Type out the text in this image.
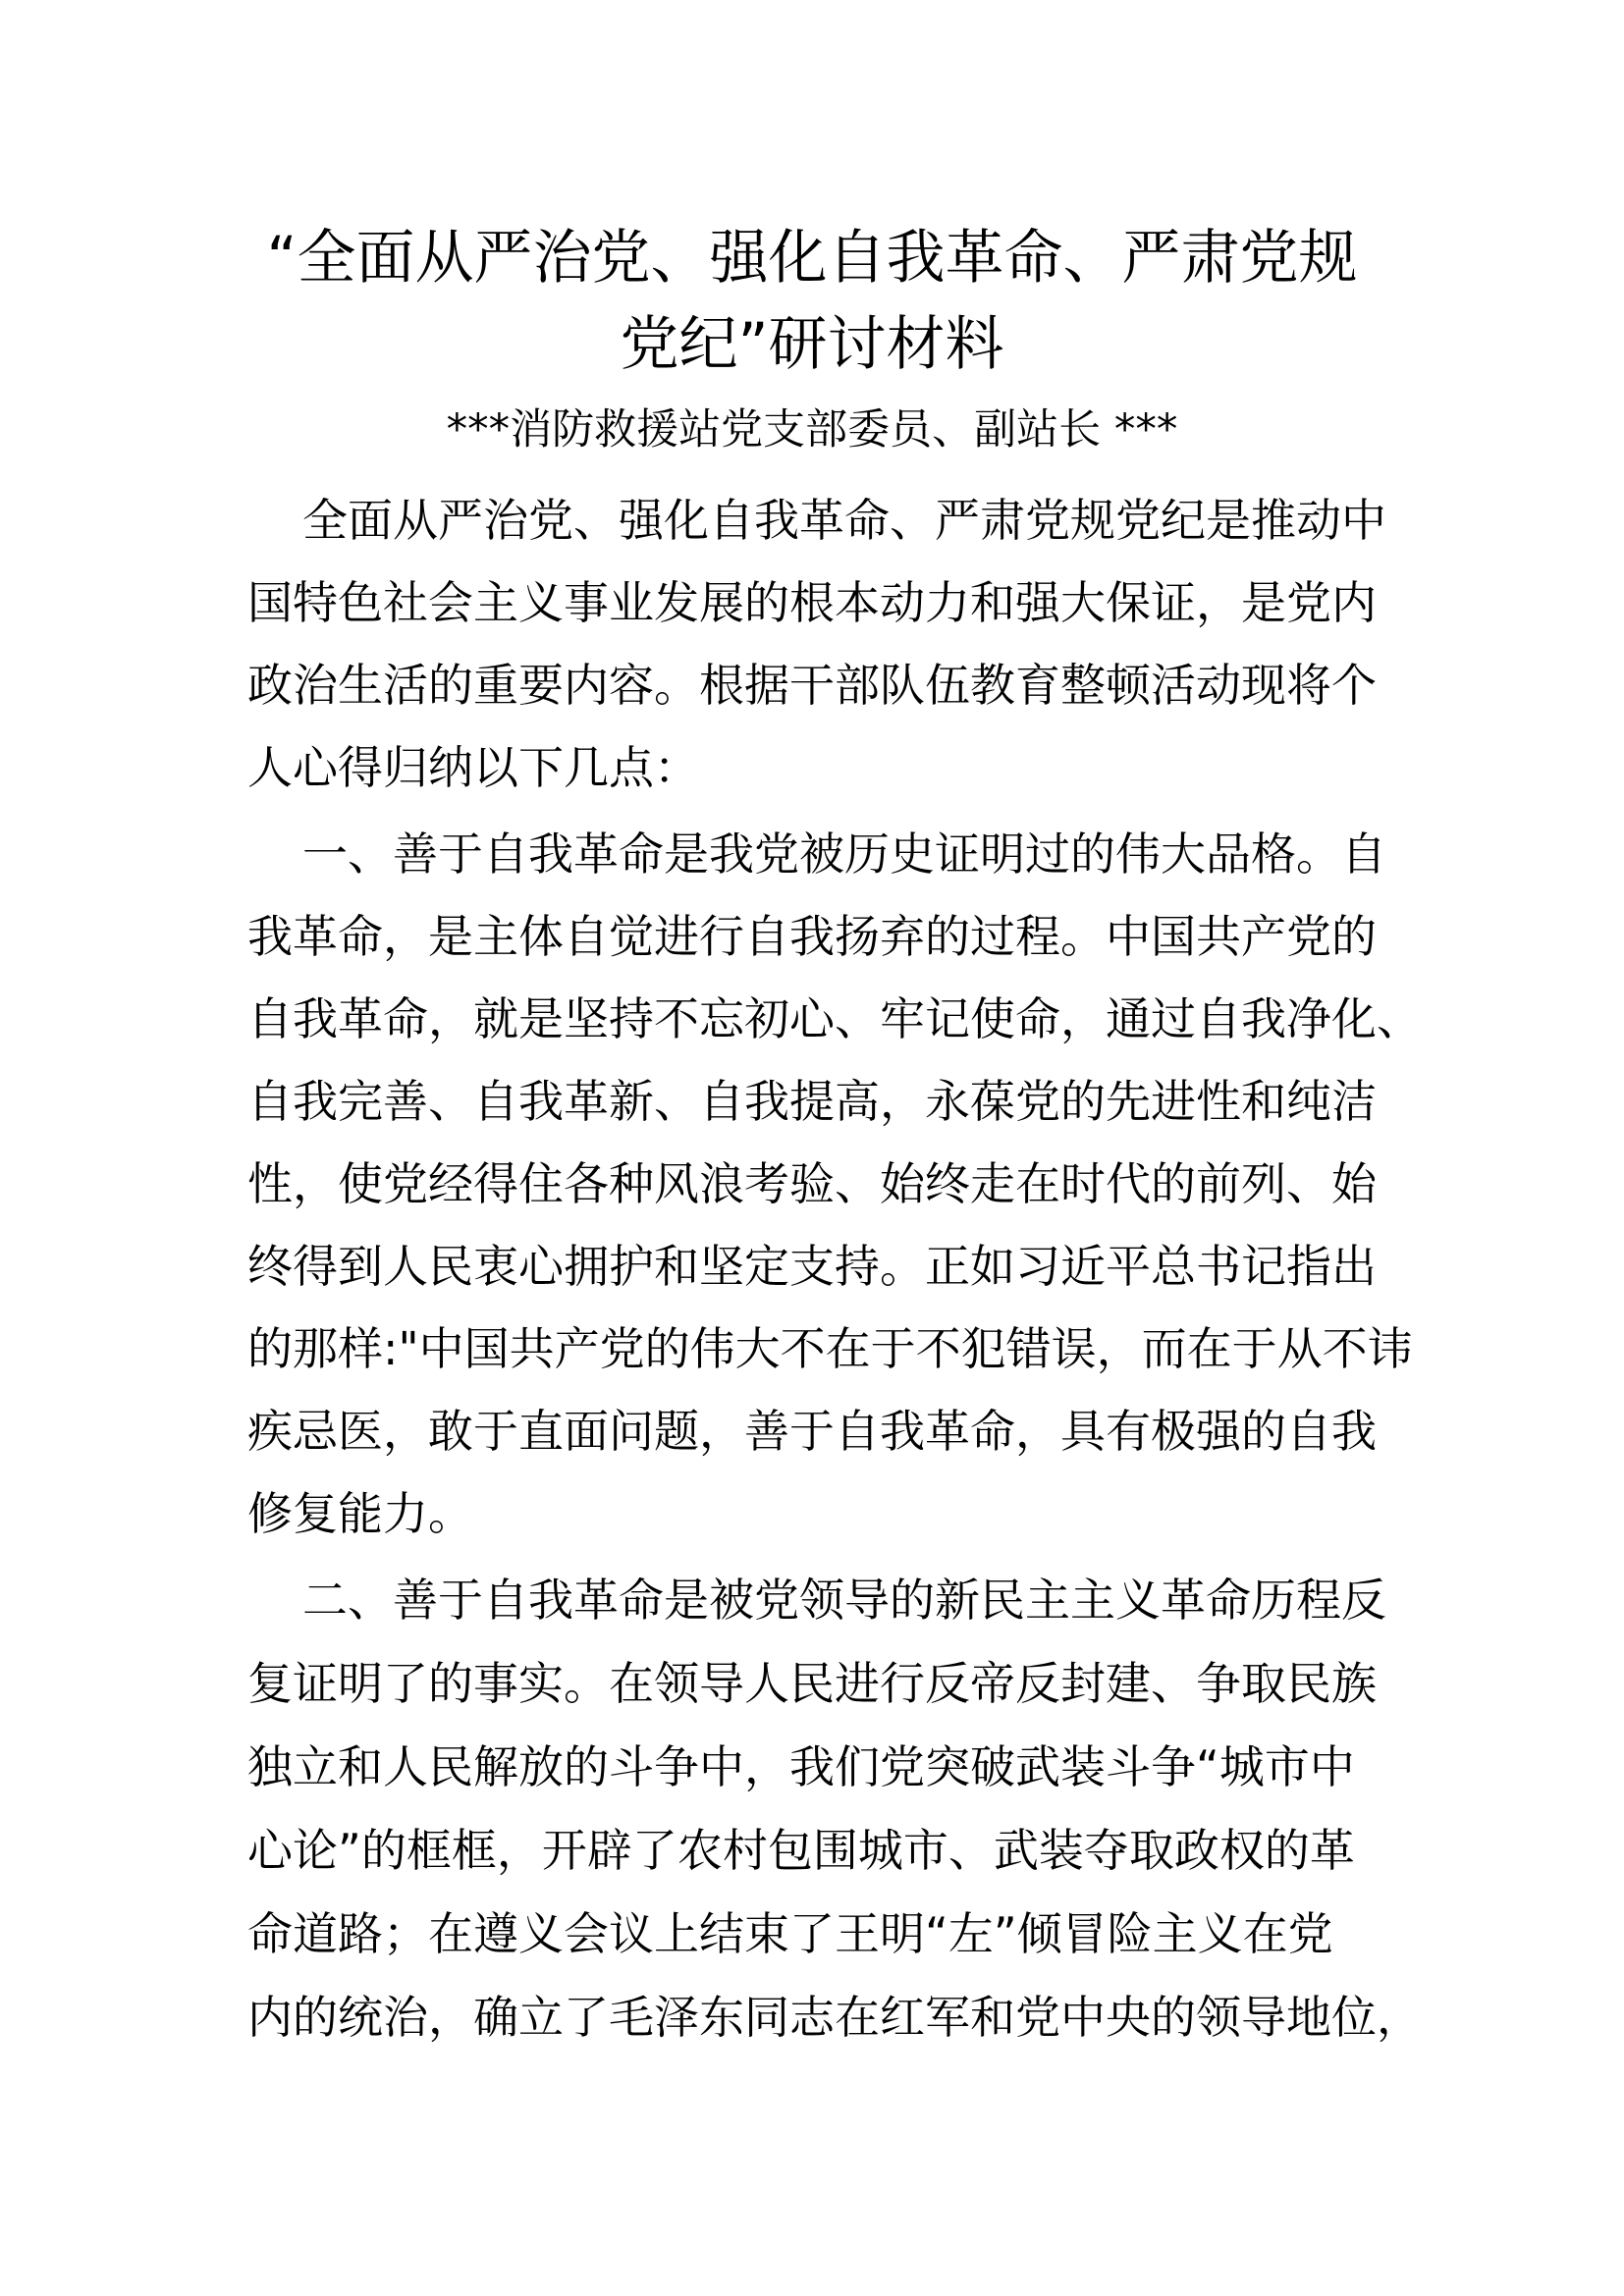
“全面从严治党、强化自我革命、严肃党规
党纪”研讨材料

***消防救援站党支部委员、副站长 ***

全面从严治党、强化自我革命、严肃党规党纪是推动中
国特色社会主义事业发展的根本动力和强大保证，是党内
政治生活的重要内容。根据干部队伍教育整顿活动现将个
人心得归纳以下几点：
一、善于自我革命是我党被历史证明过的伟大品格。自
我革命，是主体自觉进行自我扬弃的过程。中国共产党的
自我革命，就是坚持不忘初心、牢记使命，通过自我净化、
自我完善、自我革新、自我提高，永葆党的先进性和纯洁
性，使党经得住各种风浪考验、始终走在时代的前列、始
终得到人民衷心拥护和坚定支持。正如习近平总书记指出
的那样:"中国共产党的伟大不在于不犯错误，而在于从不讳
疾忌医，敢于直面问题，善于自我革命，具有极强的自我
修复能力。
二、善于自我革命是被党领导的新民主主义革命历程反
复证明了的事实。在领导人民进行反帝反封建、争取民族
独立和人民解放的斗争中，我们党突破武装斗争“城市中
心论”的框框，开辟了农村包围城市、武装夺取政权的革
命道路；在遵义会议上结束了王明“左”倾冒险主义在党
内的统治，确立了毛泽东同志在红军和党中央的领导地位，
